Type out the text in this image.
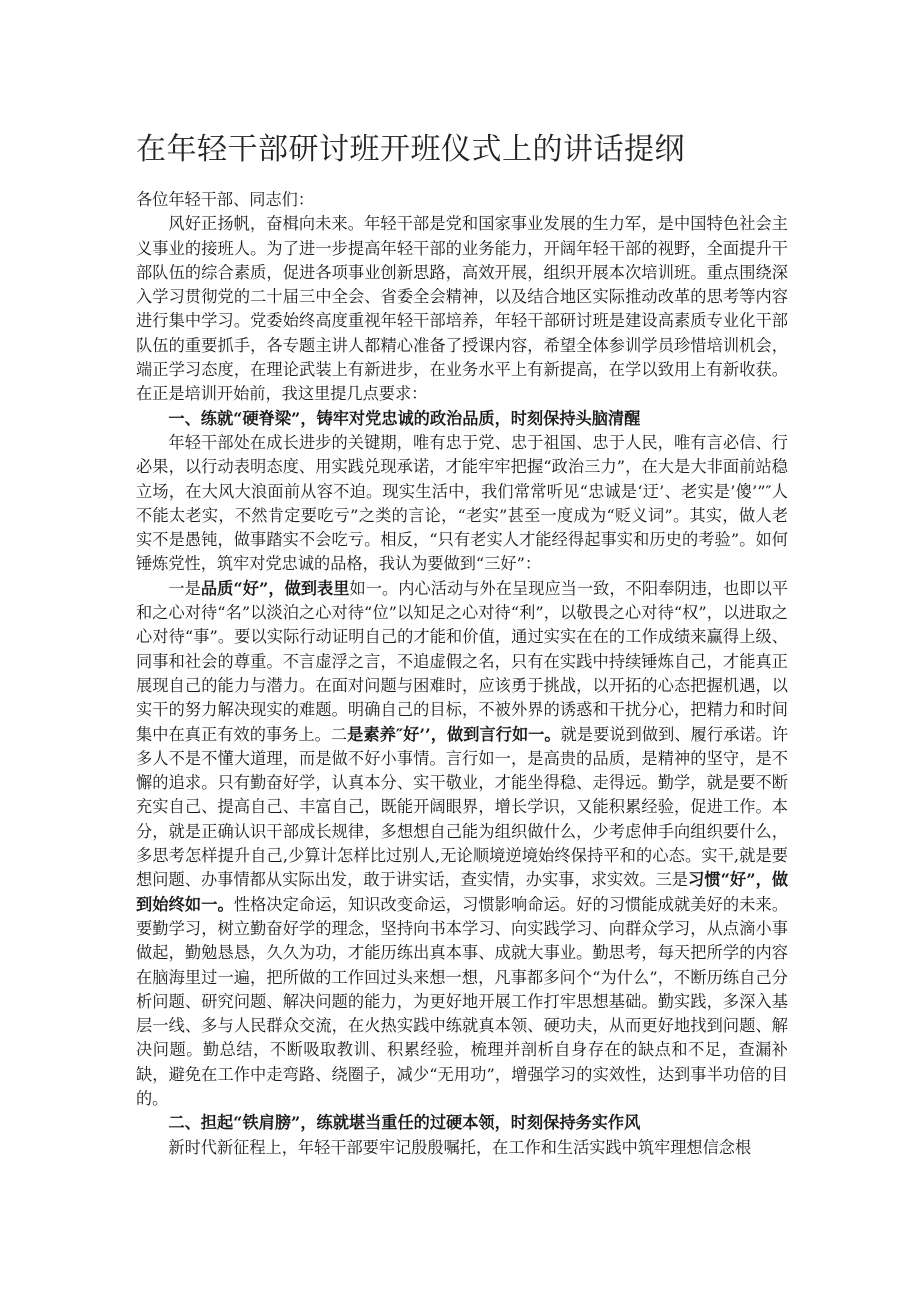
在年轻干部研讨班开班仪式上的讲话提纲

各位年轻干部、同志们：

风好正扬帆，奋楫向未来。年轻干部是党和国家事业发展的生力军，是中国特色社会主义事业的接班人。为了进一步提高年轻干部的业务能力，开阔年轻干部的视野，全面提升干部队伍的综合素质，促进各项事业创新思路，高效开展，组织开展本次培训班。重点围绕深入学习贯彻党的二十届三中全会、省委全会精神，以及结合地区实际推动改革的思考等内容进行集中学习。党委始终高度重视年轻干部培养，年轻干部研讨班是建设高素质专业化干部队伍的重要抓手，各专题主讲人都精心准备了授课内容，希望全体参训学员珍惜培训机会，端正学习态度，在理论武装上有新进步，在业务水平上有新提高，在学以致用上有新收获。在正是培训开始前，我这里提几点要求：

一、练就“硬脊梁”，铸牢对党忠诚的政治品质，时刻保持头脑清醒

年轻干部处在成长进步的关键期，唯有忠于党、忠于祖国、忠于人民，唯有言必信、行必果，以行动表明态度、用实践兑现承诺，才能牢牢把握“政治三力”，在大是大非面前站稳立场，在大风大浪面前从容不迫。现实生活中，我们常常听见“忠诚是‘迂’、老实是’傻’”″人不能太老实，不然肯定要吃亏”之类的言论，“老实”甚至一度成为“贬义词”。其实，做人老实不是愚钝，做事踏实不会吃亏。相反，“只有老实人才能经得起事实和历史的考验”。如何锤炼党性，筑牢对党忠诚的品格，我认为要做到“三好”：

一是品质“好”，做到表里如一。内心活动与外在呈现应当一致，不阳奉阴违，也即以平和之心对待“名”以淡泊之心对待“位”以知足之心对待“利”，以敬畏之心对待“权”，以进取之心对待“事”。要以实际行动证明自己的才能和价值，通过实实在在的工作成绩来赢得上级、同事和社会的尊重。不言虚浮之言，不追虚假之名，只有在实践中持续锤炼自己，才能真正展现自己的能力与潜力。在面对问题与困难时，应该勇于挑战，以开拓的心态把握机遇，以实干的努力解决现实的难题。明确自己的目标，不被外界的诱惑和干扰分心，把精力和时间集中在真正有效的事务上。二是素养″好’’，做到言行如一。就是要说到做到、履行承诺。许多人不是不懂大道理，而是做不好小事情。言行如一，是高贵的品质，是精神的坚守，是不懈的追求。只有勤奋好学，认真本分、实干敬业，才能坐得稳、走得远。勤学，就是要不断充实自己、提高自己、丰富自己，既能开阔眼界，增长学识，又能积累经验，促进工作。本分，就是正确认识干部成长规律，多想想自己能为组织做什么，少考虑伸手向组织要什么，多思考怎样提升自己,少算计怎样比过别人,无论顺境逆境始终保持平和的心态。实干,就是要想问题、办事情都从实际出发，敢于讲实话，查实情，办实事，求实效。三是习惯“好”，做到始终如一。性格决定命运，知识改变命运，习惯影响命运。好的习惯能成就美好的未来。要勤学习，树立勤奋好学的理念，坚持向书本学习、向实践学习、向群众学习，从点滴小事做起，勤勉恳恳，久久为功，才能历练出真本事、成就大事业。勤思考，每天把所学的内容在脑海里过一遍，把所做的工作回过头来想一想，凡事都多问个“为什么”，不断历练自己分析问题、研究问题、解决问题的能力，为更好地开展工作打牢思想基础。勤实践，多深入基层一线、多与人民群众交流，在火热实践中练就真本领、硬功夫，从而更好地找到问题、解决问题。勤总结，不断吸取教训、积累经验，梳理并剖析自身存在的缺点和不足，查漏补缺，避免在工作中走弯路、绕圈子，减少“无用功”，增强学习的实效性，达到事半功倍的目的。

二、担起“铁肩膀”，练就堪当重任的过硬本领，时刻保持务实作风

新时代新征程上，年轻干部要牢记殷殷嘱托，在工作和生活实践中筑牢理想信念根
